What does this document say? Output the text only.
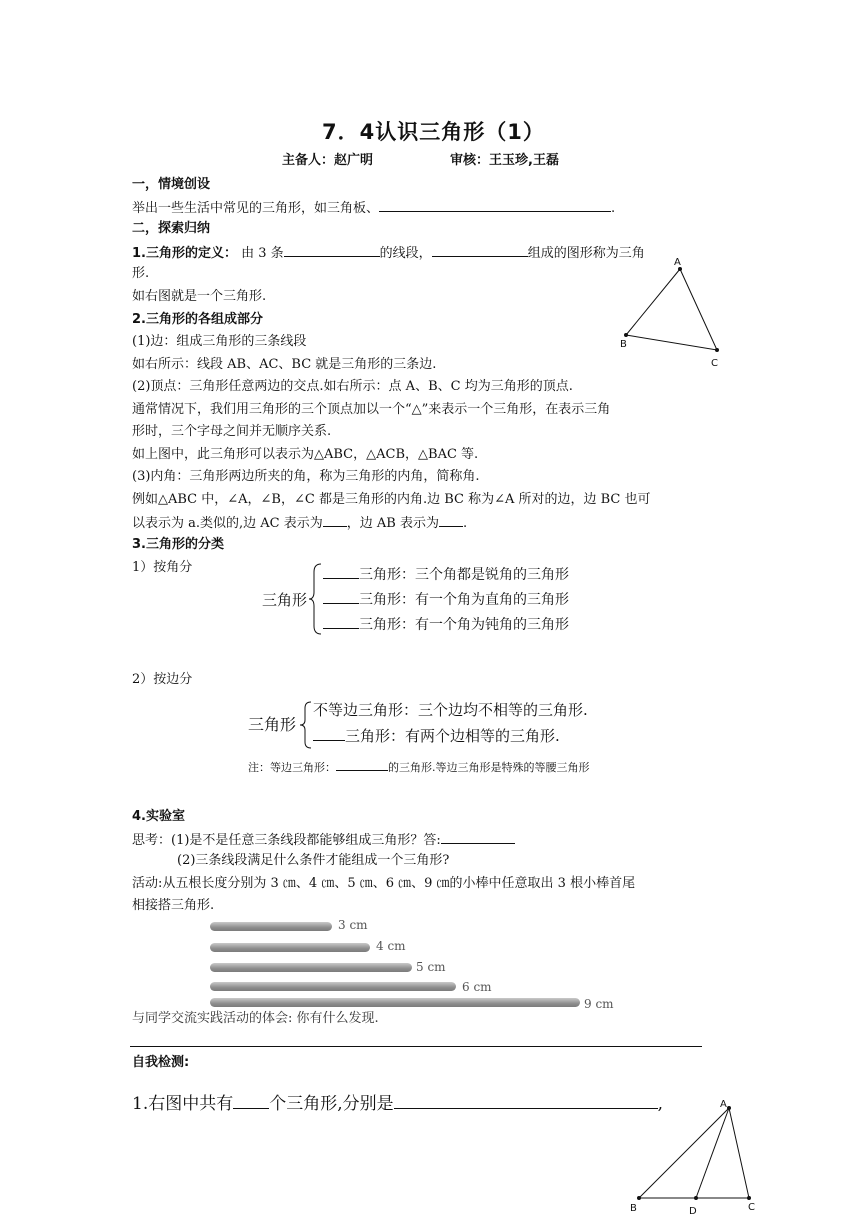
7．4认识三角形（1）
主备人：赵广明	审核：王玉珍,王磊
一，情境创设
举出一些生活中常见的三角形，如三角板、	.
二，探索归纳
1.三角形的定义： 由 3 条	的线段，	组成的图形称为三角
形.
如右图就是一个三角形.
2.三角形的各组成部分
(1)边：组成三角形的三条线段
如右所示：线段 AB、AC、BC 就是三角形的三条边.
(2)顶点：三角形任意两边的交点.如右所示：点 A、B、C 均为三角形的顶点.
通常情况下，我们用三角形的三个顶点加以一个“△”来表示一个三角形，在表示三角
形时，三个字母之间并无顺序关系.
如上图中，此三角形可以表示为△ABC，△ACB，△BAC 等.
(3)内角：三角形两边所夹的角，称为三角形的内角，简称角.
例如△ABC 中，∠A，∠B，∠C 都是三角形的内角.边 BC 称为∠A 所对的边，边 BC 也可
以表示为 a.类似的,边 AC 表示为 ，边 AB 表示为 .
A
B
C
3.三角形的分类
1）按角分
三角形
三角形：三个角都是锐角的三角形
三角形：有一个角为直角的三角形
三角形：有一个角为钝角的三角形
2）按边分
三角形
不等边三角形：三个边均不相等的三角形.
三角形：有两个边相等的三角形.
注：等边三角形：	的三角形.等边三角形是特殊的等腰三角形
4.实验室
思考：(1)是不是任意三条线段都能够组成三角形？答:
(2)三条线段满足什么条件才能组成一个三角形?
活动:从五根长度分别为 3 ㎝、4 ㎝、5 ㎝、6 ㎝、9 ㎝的小棒中任意取出 3 根小棒首尾
相接搭三角形.
3 cm
4 cm
5 cm
6 cm
9 cm
与同学交流实践活动的体会: 你有什么发现.
自我检测:
1.右图中共有 个三角形,分别是	,	A
B	D	C
